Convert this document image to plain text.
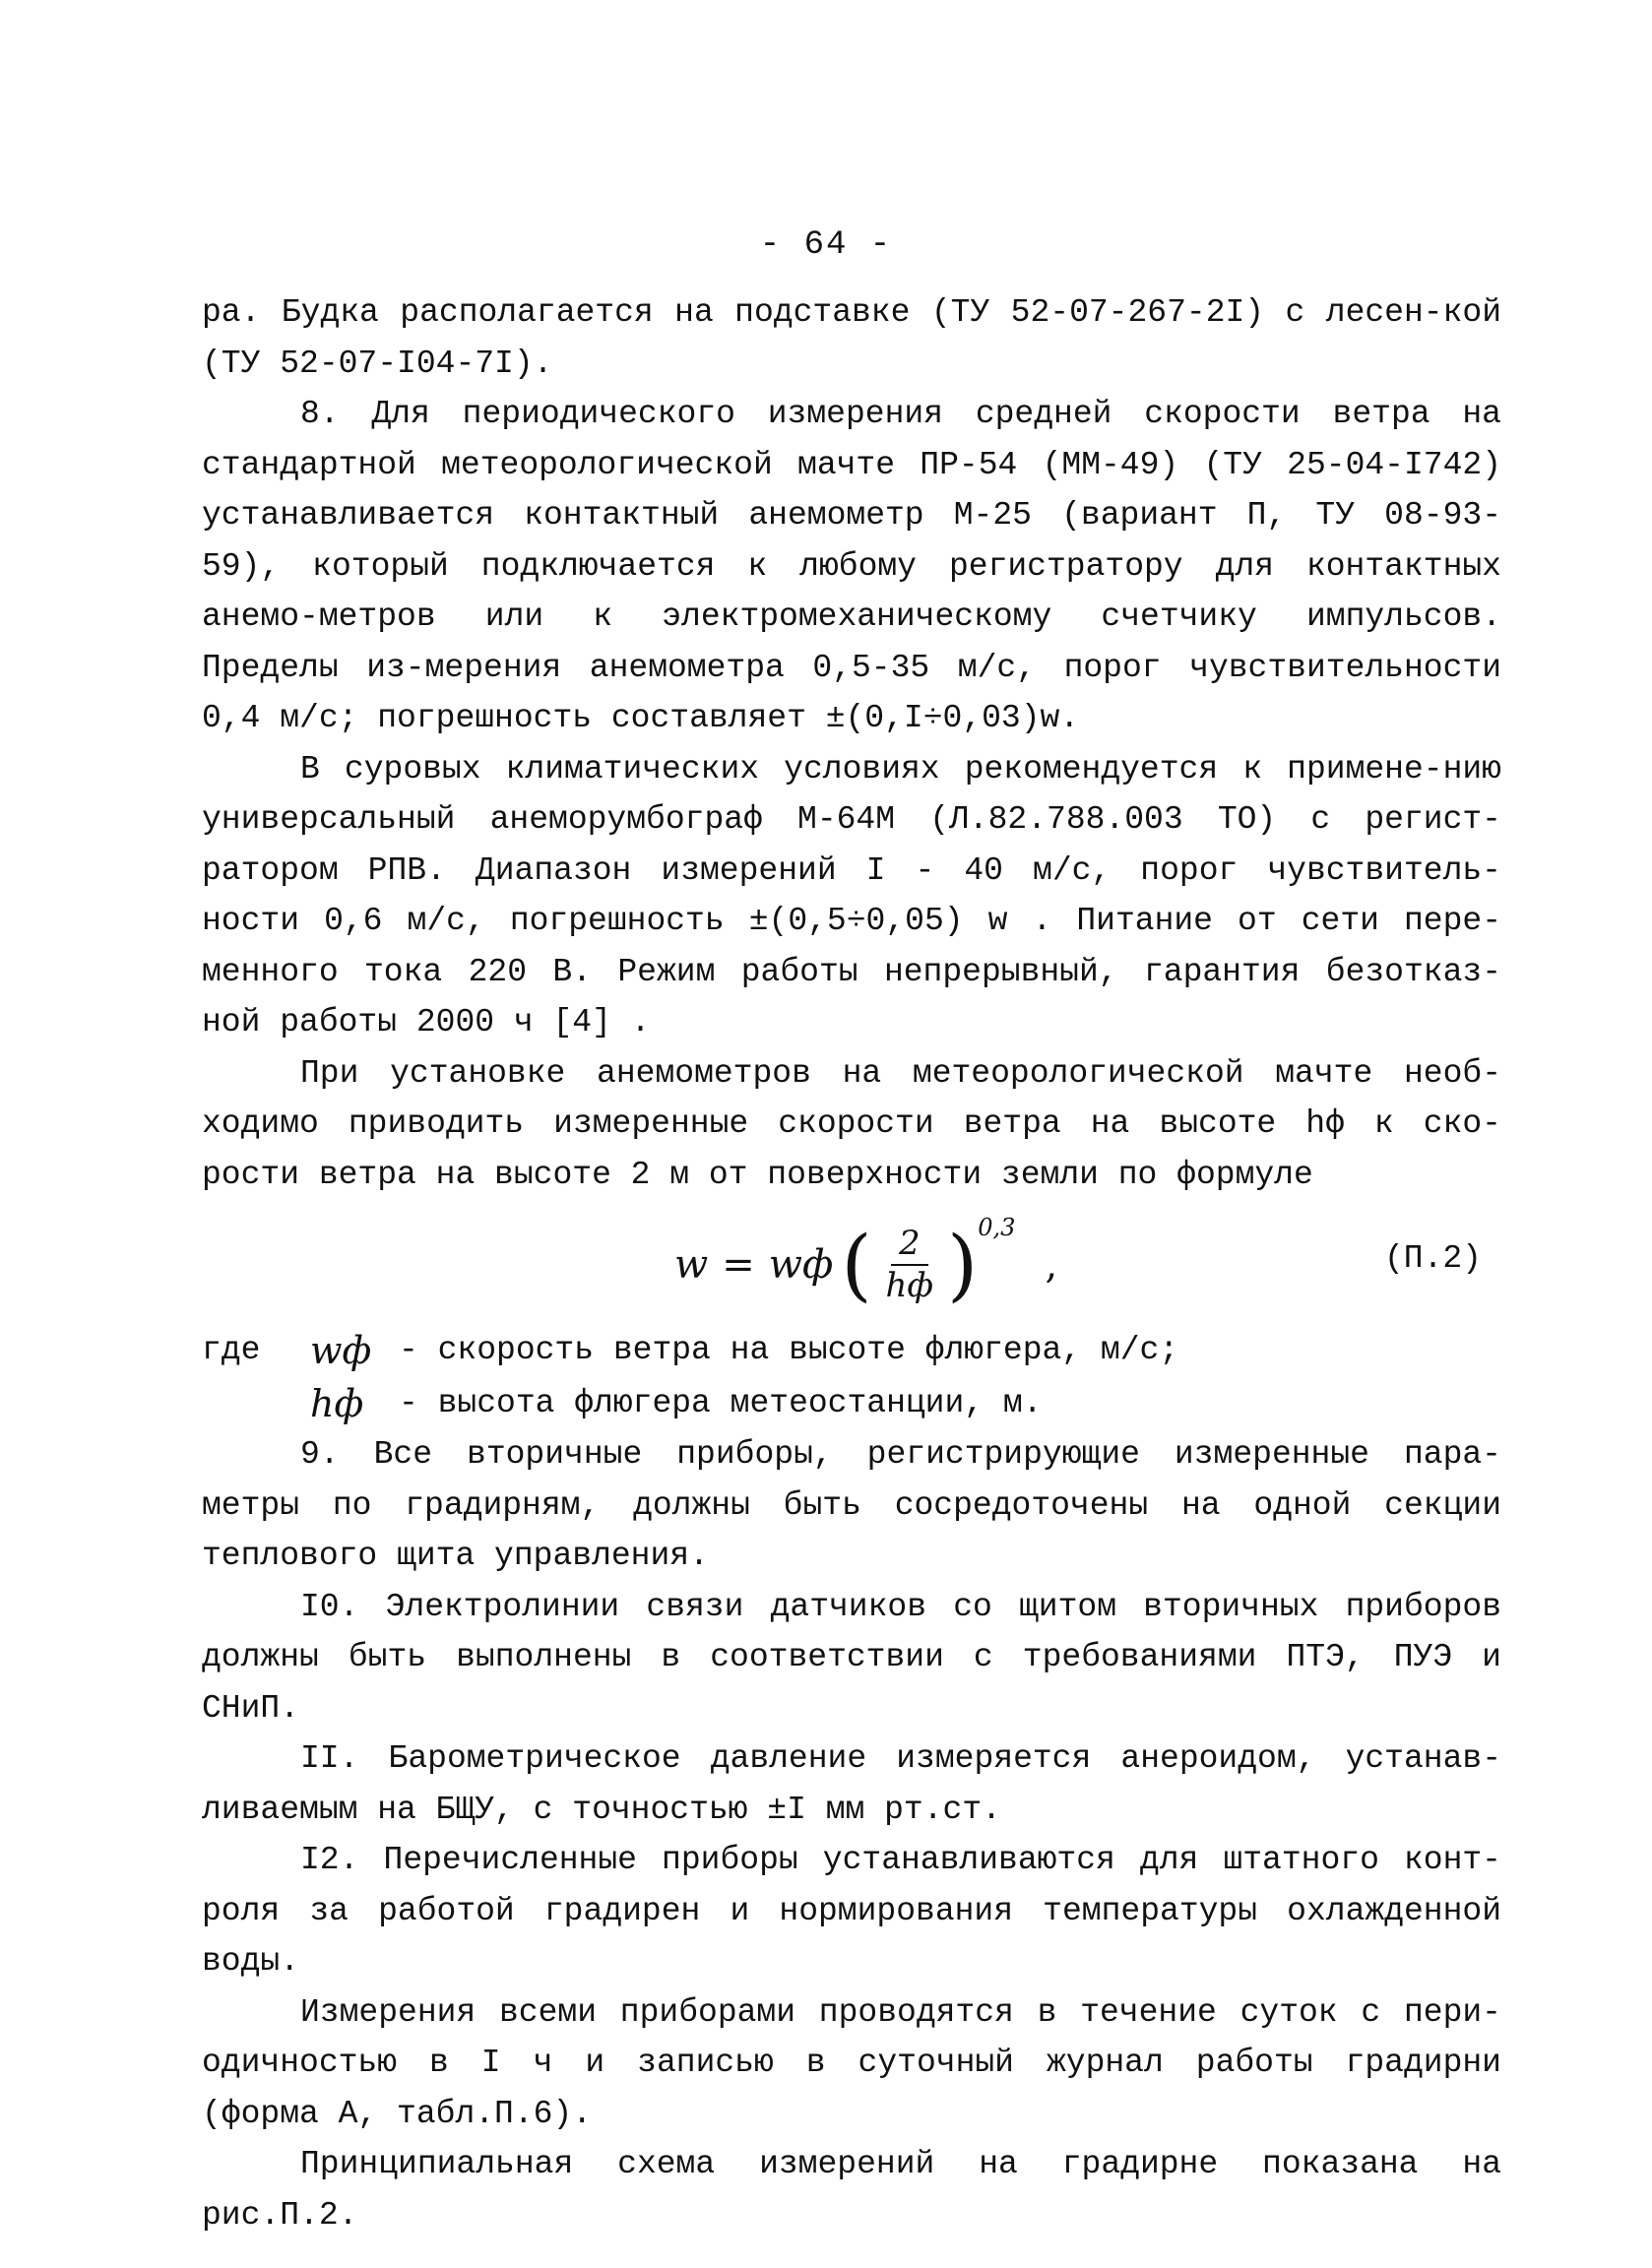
- 64 -

ра. Будка располагается на подставке (ТУ 52-07-267-2I) с лесен-кой (ТУ 52-07-I04-7I).

8. Для периодического измерения средней скорости ветра на стандартной метеорологической мачте ПР-54 (ММ-49) (ТУ 25-04-I742) устанавливается контактный анемометр М-25 (вариант П, ТУ 08-93-59), который подключается к любому регистратору для контактных анемо-метров или к электромеханическому счетчику импульсов. Пределы из-мерения анемометра 0,5-35 м/с, порог чувствительности 0,4 м/с; погрешность составляет ±(0,I÷0,03)w.

В суровых климатических условиях рекомендуется к примене-нию универсальный анеморумбограф М-64М (Л.82.788.003 ТО) с регист-ратором РПВ. Диапазон измерений I - 40 м/с, порог чувствитель-ности 0,6 м/с, погрешность ±(0,5÷0,05) w . Питание от сети пере-менного тока 220 В. Режим работы непрерывный, гарантия безотказ-ной работы 2000 ч [4] .

При установке анемометров на метеорологической мачте необ-ходимо приводить измеренные скорости ветра на высоте hф к ско-рости ветра на высоте 2 м от поверхности земли по формуле

w = wф ( $\frac{2}{hф}$ ) 0,3
,	(П.2)
где	wф - скорость ветра на высоте флюгера, м/с;
hф	- высота флюгера метеостанции, м.

9. Все вторичные приборы, регистрирующие измеренные пара-метры по градирням, должны быть сосредоточены на одной секции теплового щита управления.

I0. Электролинии связи датчиков со щитом вторичных приборов должны быть выполнены в соответствии с требованиями ПТЭ, ПУЭ и СНиП.

II. Барометрическое давление измеряется анероидом, устанав-ливаемым на БЩУ, с точностью ±I мм рт.ст.

I2. Перечисленные приборы устанавливаются для штатного конт-роля за работой градирен и нормирования температуры охлажденной воды.

Измерения всеми приборами проводятся в течение суток с пери-одичностью в I ч и записью в суточный журнал работы градирни (форма А, табл.П.6).

Принципиальная схема измерений на градирне показана на рис.П.2.
